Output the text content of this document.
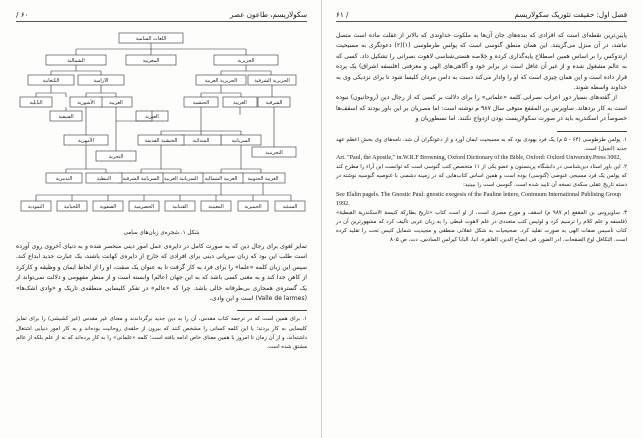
سکولاریسم، طاعون عصر
۶۰ /
اللغات السامية
الجزيرية
المغربية
الشمالية
الجزيرية الشرقية
الجزيرية الغربية
الآرامية
الكنعانية
العربية
الحبشية	الشرقية
الغربية
الأشورية
البابلية
الفنيقية	العبرية
السريانية
المندائية
الحبشية القديمة
الأمهرية
التجرينية
التجرية
العربية الجنوبية
العربية الشمالية
السريانية الغربية
السريانية الشرقية
النبطية
التدمرية
السبئية
الحميرية
المعينية
القتبانية
الحضرمية
الصفوية
اللحيانية
الثمودية
شکل ۱. شجره‌ی زبان‌های سامی

تمایز لغوی برای رجال دین که به صورت کامل در دایره‌ی عمل امور دینی منحصر شده و به دنیای آخروی روی آورده است طلب این بود که زبان سریانی دینی برای افرادی که خارج از دایره‌ی کهانت باشند، یک عبارت جدید ابداع کند. سپس این زبان کلمه «علما» را برای فرد به کار گرفت تا به عنوان یک صفت، او را از لحاظ ایمان و وظیفه و کارکرد از کاهن جدا کند و به معنی کسی باشد که به این جهان (عالم) وابسته است و از منظر مفهومی و دلالت نمی‌تواند از یک گستره‌ی همجاری بی‌طرفانه خالی باشد. چرا که «عالم» در تفکر کلیسایی منطقه‌ی تاریک و «وادی اشک‌ها» (Valle de larmes) است و این وادی،

۱. برای همین است که در ترجمه کتاب مقدس، آن را به دین جدید برگرداندند و معنای غیر مقدس (غیر کشیشی) را برای تمایز کلیسایی به کار بردند؛ با این کلمه کسانی را مشخص کنند که بیرون از حلقه‌ی روحانیت بوده‌اند و به کار امور دنیایی اشتغال داشته‌اند، و از آن زمان تا امروز با همین معنای خاص ادامه یافته است؛ کلمه «علمانی» را به کار برده‌اند که نه از علم بلکه از عالم مشتق شده است.

فصل اول: حقیقت تئوریک سکولاریسم
/ ۶۱

پایین‌ترین نقطه‌ای است که افرادی که بنده‌های جان آن‌ها به ملکوت خداوندی که بالاتر از غفلت ماده است متصل نباشد، در آن منزل می‌گزینند. این همان منطق گنوسی است که پولس طرطوسی (۱)(۲) دعوتگری به مسیحیت ارتدوکس را بر اساس همین اصطلاح پایه‌گذاری کرده و خلاصه هستی‌شناسی لاهوت نصرانی را تشکیل داد. کسی که به عالم مشغول شده و از غیر آن غافل است در برابر خود و آگاهی‌های الهی و معرفتی (فلسفه اشراق) یک پرده قرار داده است و این همان چیزی است که او را وادار می‌کند دست به دامن مردان کلیسا شود تا برای نزدیکی وی به خداوند واسطه شوند.

از گفته‌های بسیار دور اعراب نصرانی کلمه «علمانی» را برای دلالت بر کسی که از رجال دین (روحانیون) نبوده است به کار بردهاند. ساویرس بن المقفع متوفی سال ۹۸۷ م نوشته است: اما مصریان بر این باور بودند که اسقف‌ها خصوصاً در اسکندریه باید در صورت سکولاریست بودن ازدواج نکنند. اما نسطوریان و

۱. پولس طرطوسی (۶۴ - ۵ م) یک فرد یهودی بود که به مسیحیت ایمان آورد و از دعوتگران آن شد. نامه‌های وی بخش اعظم عهد جدید (انجیل) است.

Art. "Paul, the Apostle," in.W.R.F Browning, Oxford Dictionary of the Bible, Oxford: Oxford University.Press 3002,

۲. این باور استاد دین‌شناسی در دانشگاه پرینستون و عضو یکی از ۱۱ متخصص کتب گنوسی است که توانست این آراء را مطرح کند که پولس یک فرد مسیحی غنوصی (گنوسی) بوده است و همین اساس کتاب‌هایی که در زمینه دشمنی با غنوصیه گنوسیه نوشته در دسته تاریخ عقلی سکه‌ی نسخه آن تایید شده است. گنوسی است را ببینید:

See Elalin pagels. The Gnostic Paul: gnostic exegesis of the Pauline letters, Coninuum International Publising Group 1992.

۳. ساویروس بن المقفع (م ۹۸۷ م) اسقف و مورخ مصری است، از او است کتاب «تاریخ بطارکة کنیسة الاسکندریة القبطیة» (فلسفه و علم کلام را ترسیم کرد و لوئیس کتب متعددی در علم لاهوت قبطی را به زبان عربی تألیف کرد که مشهورترین آن در کتاب تأسیس صفات الهی به صورت تقلید کرد. صحیحیات به شکل عقلانی منطقی و مجیدیت شمایل کنیس تحت را تقلید کرده است. التکافل اوج الصفحات. ادر الضور، فی ابضاح الدین، القاهرة، انبا، البابا کیرلس السادس، دت، ص ۸۰۵
